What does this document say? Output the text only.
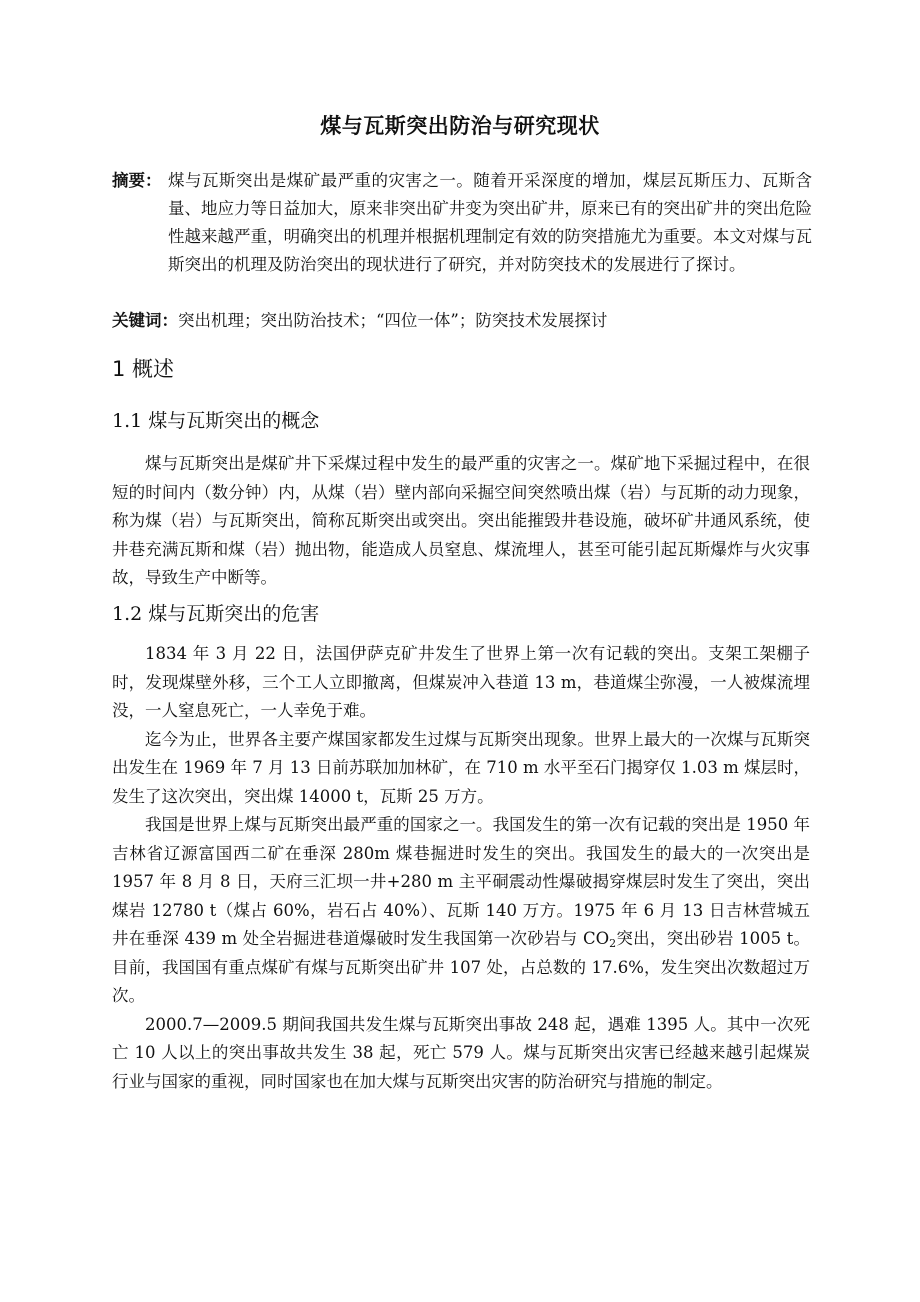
煤与瓦斯突出防治与研究现状
摘要： 煤与瓦斯突出是煤矿最严重的灾害之一。随着开采深度的增加，煤层瓦斯压力、瓦斯含量、地应力等日益加大，原来非突出矿井变为突出矿井，原来已有的突出矿井的突出危险性越来越严重，明确突出的机理并根据机理制定有效的防突措施尤为重要。本文对煤与瓦斯突出的机理及防治突出的现状进行了研究，并对防突技术的发展进行了探讨。
关键词：突出机理；突出防治技术；“四位一体”；防突技术发展探讨
1 概述
1.1 煤与瓦斯突出的概念

煤与瓦斯突出是煤矿井下采煤过程中发生的最严重的灾害之一。煤矿地下采掘过程中，在很短的时间内（数分钟）内，从煤（岩）壁内部向采掘空间突然喷出煤（岩）与瓦斯的动力现象，称为煤（岩）与瓦斯突出，简称瓦斯突出或突出。突出能摧毁井巷设施，破坏矿井通风系统，使井巷充满瓦斯和煤（岩）抛出物，能造成人员窒息、煤流埋人，甚至可能引起瓦斯爆炸与火灾事故，导致生产中断等。

1.2 煤与瓦斯突出的危害

1834 年 3 月 22 日，法国伊萨克矿井发生了世界上第一次有记载的突出。支架工架棚子时，发现煤壁外移，三个工人立即撤离，但煤炭冲入巷道 13 m，巷道煤尘弥漫，一人被煤流埋没，一人窒息死亡，一人幸免于难。

迄今为止，世界各主要产煤国家都发生过煤与瓦斯突出现象。世界上最大的一次煤与瓦斯突出发生在 1969 年 7 月 13 日前苏联加加林矿，在 710 m 水平至石门揭穿仅 1.03 m 煤层时，发生了这次突出，突出煤 14000 t，瓦斯 25 万方。

我国是世界上煤与瓦斯突出最严重的国家之一。我国发生的第一次有记载的突出是 1950 年吉林省辽源富国西二矿在垂深 280m 煤巷掘进时发生的突出。我国发生的最大的一次突出是 1957 年 8 月 8 日，天府三汇坝一井+280 m 主平硐震动性爆破揭穿煤层时发生了突出，突出煤岩 12780 t（煤占 60%，岩石占 40%）、瓦斯 140 万方。1975 年 6 月 13 日吉林营城五井在垂深 439 m 处全岩掘进巷道爆破时发生我国第一次砂岩与 $CO_2$突出，突出砂岩 1005 t。目前，我国国有重点煤矿有煤与瓦斯突出矿井 107 处，占总数的 17.6%，发生突出次数超过万次。

2000.7—2009.5 期间我国共发生煤与瓦斯突出事故 248 起，遇难 1395 人。其中一次死亡 10 人以上的突出事故共发生 38 起，死亡 579 人。煤与瓦斯突出灾害已经越来越引起煤炭行业与国家的重视，同时国家也在加大煤与瓦斯突出灾害的防治研究与措施的制定。
